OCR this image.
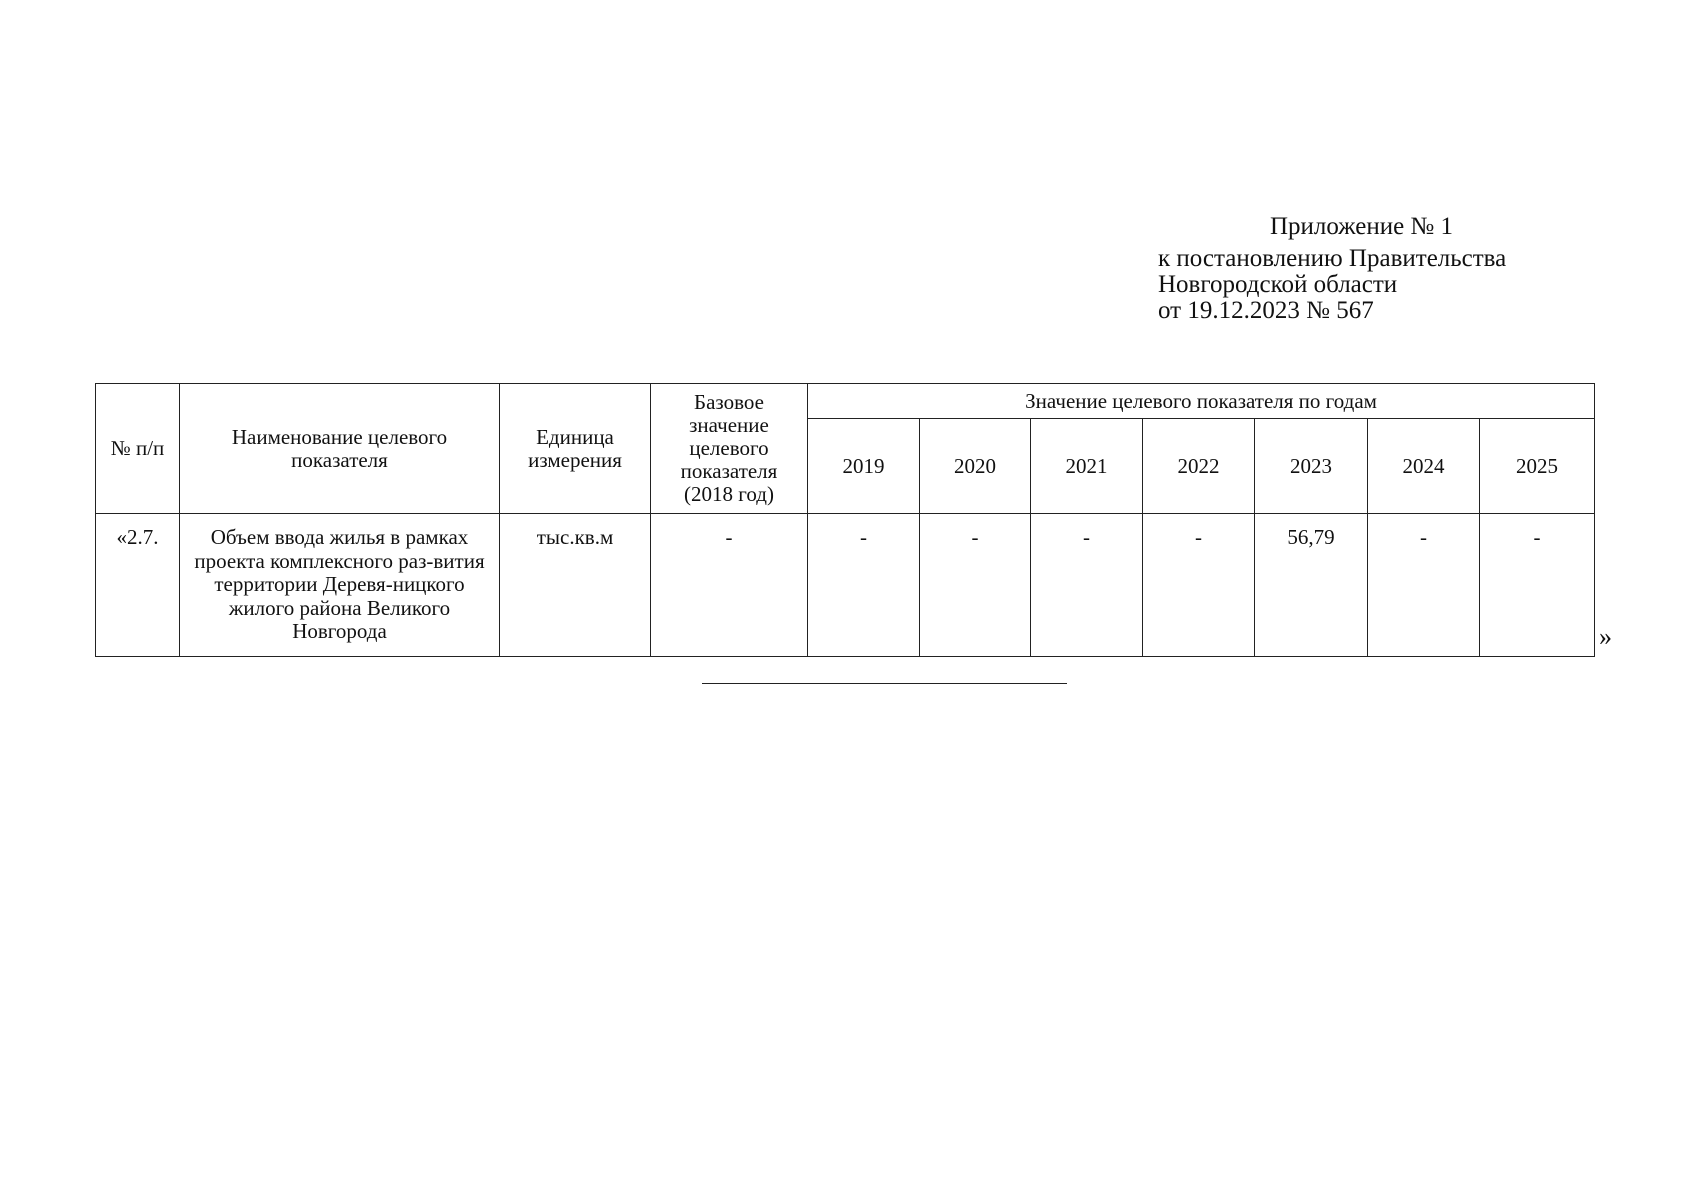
Приложение № 1
к постановлению Правительства
Новгородской области
от 19.12.2023 № 567
№ п/п	Наименование целевого показателя	Единица измерения	Базовое значение целевого показателя (2018 год)	Значение целевого показателя по годам						
				2019	2020	2021	2022	2023	2024	2025
«2.7.	Объем ввода жилья в рамках проекта комплексного раз-вития территории Деревя-ницкого жилого района Великого Новгорода	тыс.кв.м	-	-	-	-	-	56,79	-	-
»
